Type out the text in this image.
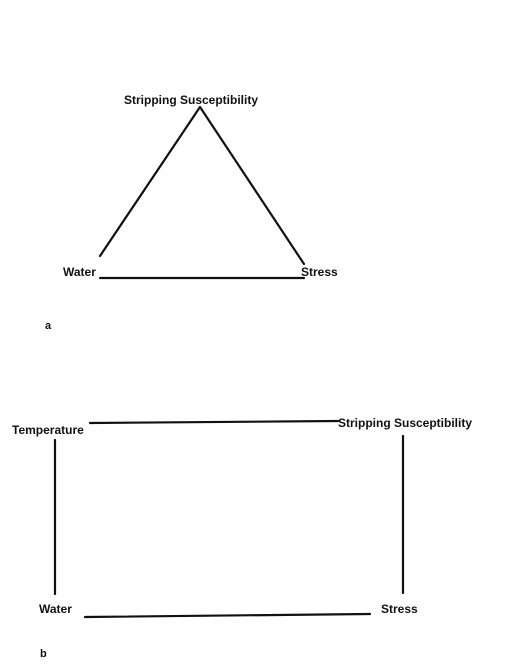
Stripping Susceptibility
Water	Stress
a
Temperature	Stripping Susceptibility
Water	Stress
b
